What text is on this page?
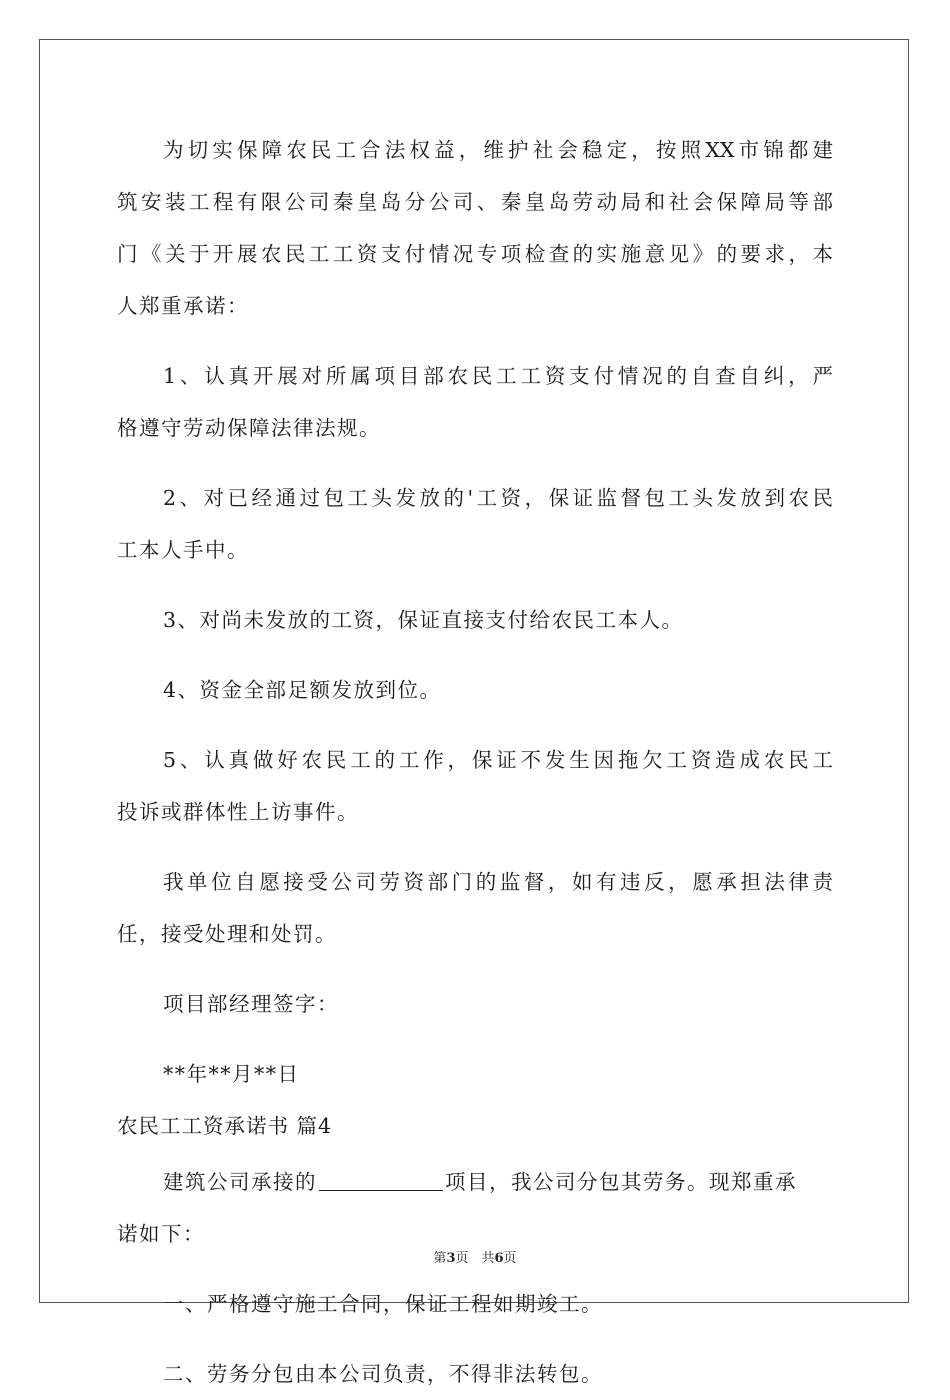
为切实保障农民工合法权益，维护社会稳定，按照XX市锦都建
筑安装工程有限公司秦皇岛分公司、秦皇岛劳动局和社会保障局等部
门《关于开展农民工工资支付情况专项检查的实施意见》的要求，本
人郑重承诺：
1、认真开展对所属项目部农民工工资支付情况的自查自纠，严
格遵守劳动保障法律法规。
2、对已经通过包工头发放的'工资，保证监督包工头发放到农民
工本人手中。
3、对尚未发放的工资，保证直接支付给农民工本人。
4、资金全部足额发放到位。
5、认真做好农民工的工作，保证不发生因拖欠工资造成农民工
投诉或群体性上访事件。
我单位自愿接受公司劳资部门的监督，如有违反，愿承担法律责
任，接受处理和处罚。
项目部经理签字：
**年**月**日
农民工工资承诺书 篇4
建筑公司承接的	项目，我公司分包其劳务。现郑重承
诺如下：
一、严格遵守施工合同，保证工程如期竣工。
二、劳务分包由本公司负责，不得非法转包。
第3页　共6页
